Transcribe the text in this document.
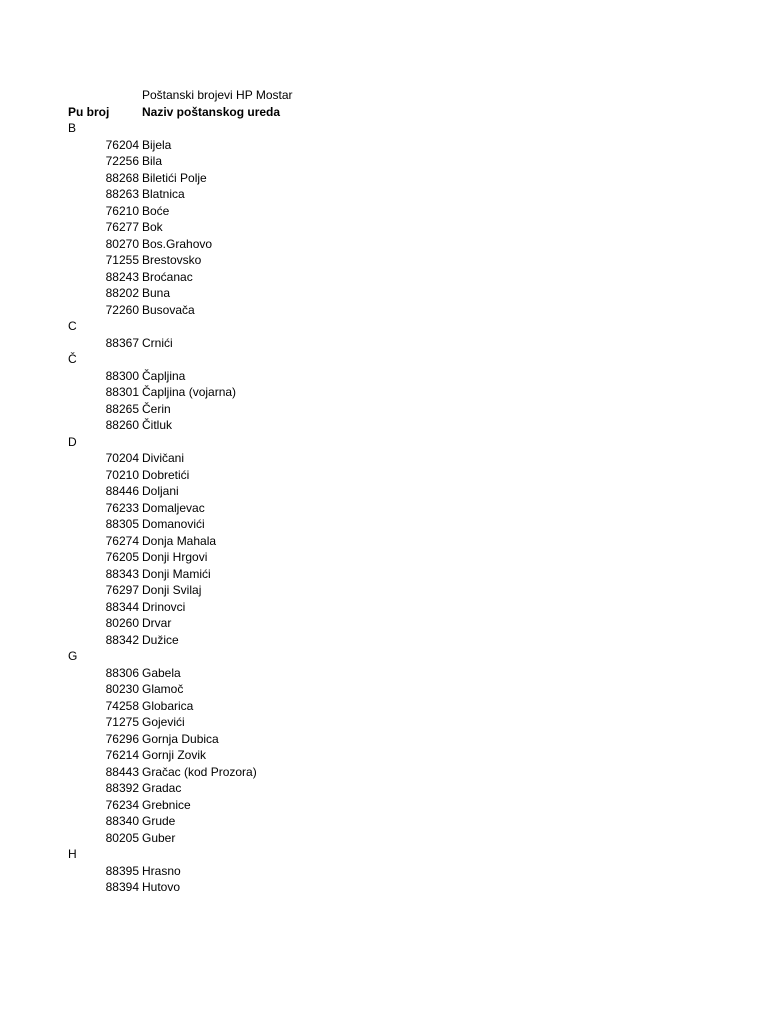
Poštanski brojevi HP Mostar
Pu broj	Naziv poštanskog ureda
B
76204 Bijela
72256 Bila
88268 Biletići Polje
88263 Blatnica
76210 Boće
76277 Bok
80270 Bos.Grahovo
71255 Brestovsko
88243 Broćanac
88202 Buna
72260 Busovača
C
88367 Crnići
Č
88300 Čapljina
88301 Čapljina (vojarna)
88265 Čerin
88260 Čitluk
D
70204 Divičani
70210 Dobretići
88446 Doljani
76233 Domaljevac
88305 Domanovići
76274 Donja Mahala
76205 Donji Hrgovi
88343 Donji Mamići
76297 Donji Svilaj
88344 Drinovci
80260 Drvar
88342 Dužice
G
88306 Gabela
80230 Glamoč
74258 Globarica
71275 Gojevići
76296 Gornja Dubica
76214 Gornji Zovik
88443 Gračac (kod Prozora)
88392 Gradac
76234 Grebnice
88340 Grude
80205 Guber
H
88395 Hrasno
88394 Hutovo
